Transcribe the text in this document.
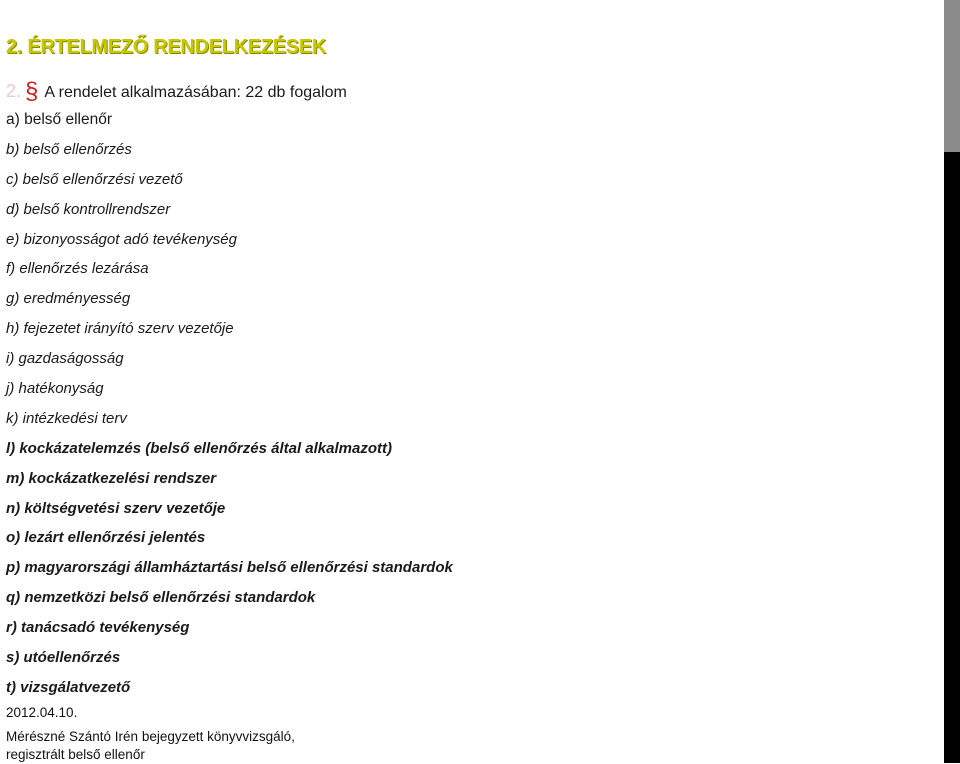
2. ÉRTELMEZŐ RENDELKEZÉSEK
2. § A rendelet alkalmazásában: 22 db fogalom
a) belső ellenőr
b) belső ellenőrzés
c) belső ellenőrzési vezető
d) belső kontrollrendszer
e) bizonyosságot adó tevékenység
f) ellenőrzés lezárása
g) eredményesség
h) fejezetet irányító szerv vezetője
i) gazdaságosság
j) hatékonyság
k) intézkedési terv
l) kockázatelemzés (belső ellenőrzés által alkalmazott)
m) kockázatkezelési rendszer
n) költségvetési szerv vezetője
o) lezárt ellenőrzési jelentés
p) magyarországi államháztartási belső ellenőrzési standardok
q) nemzetközi belső ellenőrzési standardok
r) tanácsadó tevékenység
s) utóellenőrzés
t) vizsgálatvezető
2012.04.10.
Mérészné Szántó Irén bejegyzett könyvvizsgáló,
regisztrált belső ellenőr
